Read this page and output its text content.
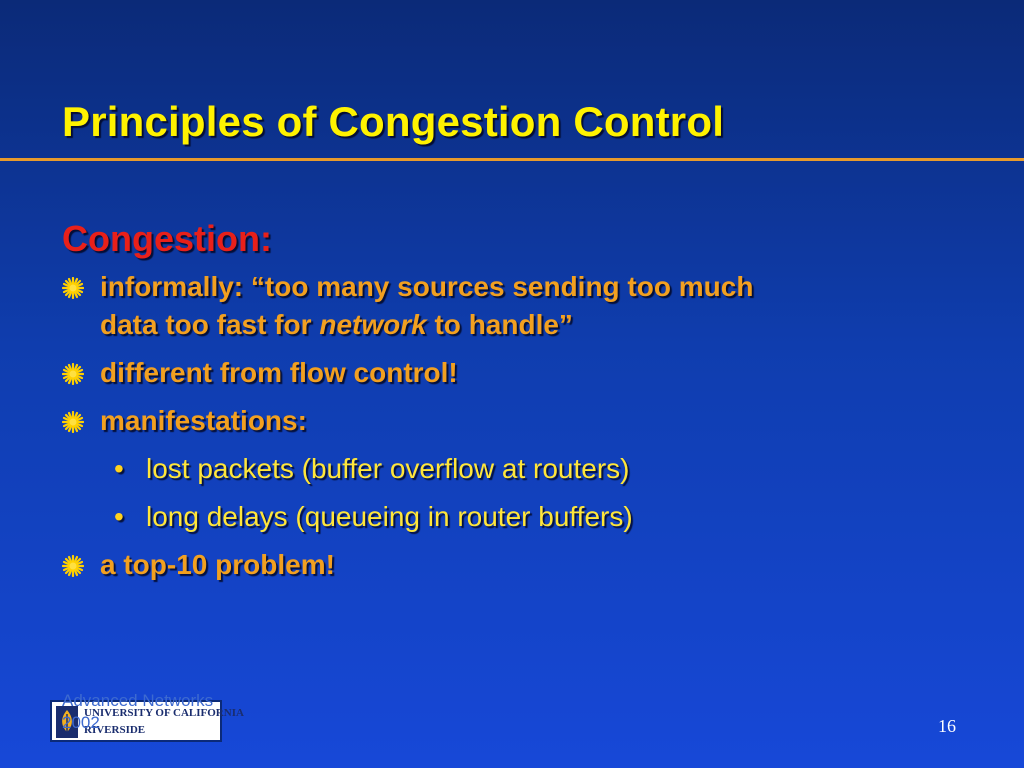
Principles of Congestion Control
Congestion:
informally: “too many sources sending too much
data too fast for network to handle”
different from flow control!
manifestations:
• lost packets (buffer overflow at routers)
• long delays (queueing in router buffers)
a top-10 problem!
UNIVERSITY OF CALIFORNIA
RIVERSIDE
Advanced Networks
2002	16
